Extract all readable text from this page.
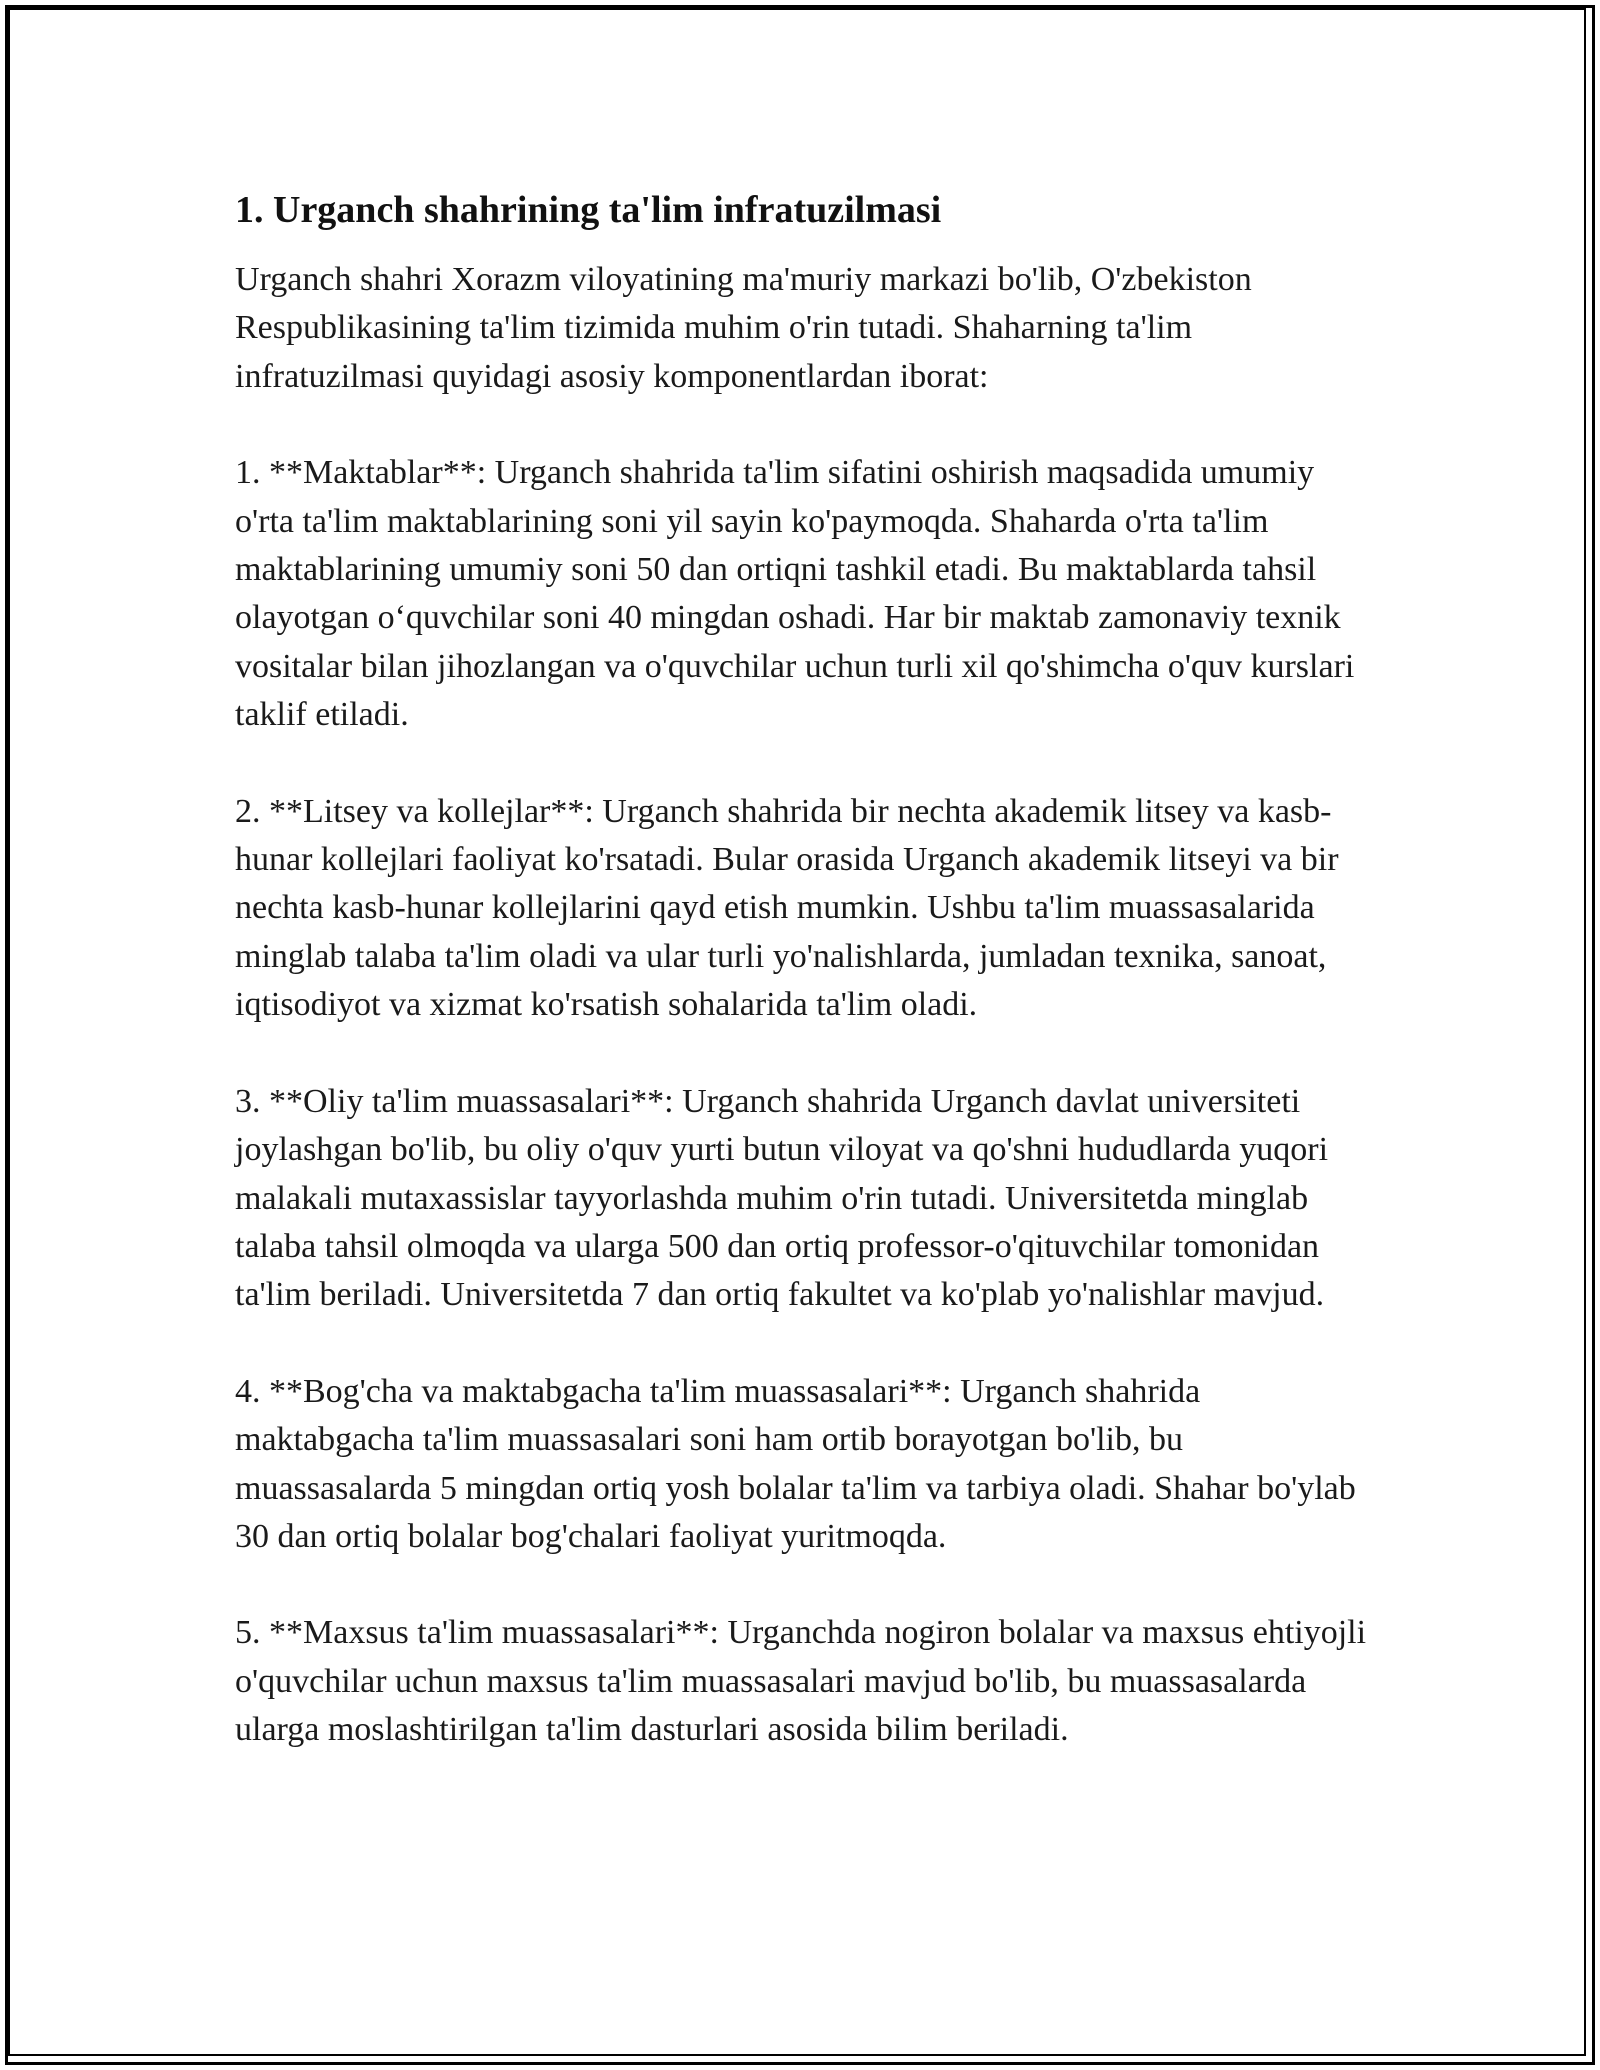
1. Urganch shahrining ta'lim infratuzilmasi

Urganch shahri Xorazm viloyatining ma'muriy markazi bo'lib, O'zbekiston Respublikasining ta'lim tizimida muhim o'rin tutadi. Shaharning ta'lim infratuzilmasi quyidagi asosiy komponentlardan iborat:

1. **Maktablar**: Urganch shahrida ta'lim sifatini oshirish maqsadida umumiy o'rta ta'lim maktablarining soni yil sayin ko'paymoqda. Shaharda o'rta ta'lim maktablarining umumiy soni 50 dan ortiqni tashkil etadi. Bu maktablarda tahsil olayotgan o‘quvchilar soni 40 mingdan oshadi. Har bir maktab zamonaviy texnik vositalar bilan jihozlangan va o'quvchilar uchun turli xil qo'shimcha o'quv kurslari taklif etiladi.

2. **Litsey va kollejlar**: Urganch shahrida bir nechta akademik litsey va kasb-hunar kollejlari faoliyat ko'rsatadi. Bular orasida Urganch akademik litseyi va bir nechta kasb-hunar kollejlarini qayd etish mumkin. Ushbu ta'lim muassasalarida minglab talaba ta'lim oladi va ular turli yo'nalishlarda, jumladan texnika, sanoat, iqtisodiyot va xizmat ko'rsatish sohalarida ta'lim oladi.

3. **Oliy ta'lim muassasalari**: Urganch shahrida Urganch davlat universiteti joylashgan bo'lib, bu oliy o'quv yurti butun viloyat va qo'shni hududlarda yuqori malakali mutaxassislar tayyorlashda muhim o'rin tutadi. Universitetda minglab talaba tahsil olmoqda va ularga 500 dan ortiq professor-o'qituvchilar tomonidan ta'lim beriladi. Universitetda 7 dan ortiq fakultet va ko'plab yo'nalishlar mavjud.

4. **Bog'cha va maktabgacha ta'lim muassasalari**: Urganch shahrida maktabgacha ta'lim muassasalari soni ham ortib borayotgan bo'lib, bu muassasalarda 5 mingdan ortiq yosh bolalar ta'lim va tarbiya oladi. Shahar bo'ylab 30 dan ortiq bolalar bog'chalari faoliyat yuritmoqda.

5. **Maxsus ta'lim muassasalari**: Urganchda nogiron bolalar va maxsus ehtiyojli o'quvchilar uchun maxsus ta'lim muassasalari mavjud bo'lib, bu muassasalarda ularga moslashtirilgan ta'lim dasturlari asosida bilim beriladi.
